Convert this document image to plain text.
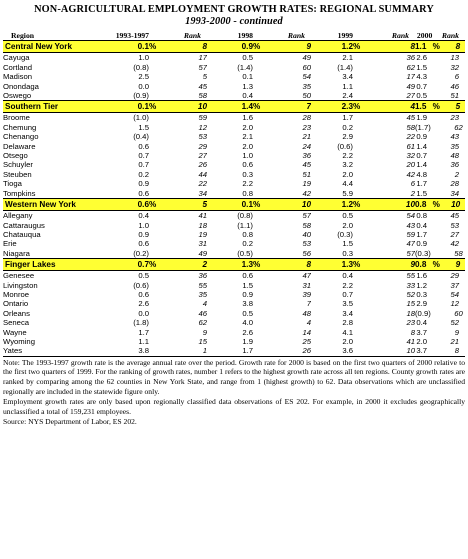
NON-AGRICULTURAL EMPLOYMENT GROWTH RATES: REGIONAL SUMMARY
1993-2000 - continued
Region	1993-1997		Rank	1998		Rank	1999		Rank	2000 Rank
Central New York	0.1	%	8	0.9	%	9	1.2	%	8	1.1 % 8
Cayuga	1.0		17	0.5		49	2.1		36	2.6 13
Cortland	(0.8)		57	(1.4)		60	(1.4)		62	1.5 32
Madison	2.5		5	0.1		54	3.4		17	4.3 6
Onondaga	0.0		45	1.3		35	1.1		49	0.7 46
Oswego	(0.9)		58	0.4		50	2.4		27	0.5 51
Southern Tier	0.1	%	10	1.4	%	7	2.3	%	4	1.5 % 5
Broome	(1.0)		59	1.6		28	1.7		45	1.9 23
Chemung	1.5		12	2.0		23	0.2		58	(1.7) 62
Chenango	(0.4)		53	2.1		21	2.9		22	0.9 43
Delaware	0.6		29	2.0		24	(0.6)		61	1.4 35
Otsego	0.7		27	1.0		36	2.2		32	0.7 48
Schuyler	0.7		26	0.6		45	3.2		20	1.4 36
Steuben	0.2		44	0.3		51	2.0		42	4.8 2
Tioga	0.9		22	2.2		19	4.4		6	1.7 28
Tompkins	0.6		34	0.8		42	5.9		2	1.5 34
Western New York	0.6	%	5	0.1	%	10	1.2	%	10	0.8 % 10
Allegany	0.4		41	(0.8)		57	0.5		54	0.8 45
Cattaraugus	1.0		18	(1.1)		58	2.0		43	0.4 53
Chatauqua	0.9		19	0.8		40	(0.3)		59	1.7 27
Erie	0.6		31	0.2		53	1.5		47	0.9 42
Niagara	(0.2)		49	(0.5)		56	0.3		57	(0.3) 58
Finger Lakes	0.7	%	2	1.3	%	8	1.3	%	9	0.8 % 9
Genesee	0.5		36	0.6		47	0.4		55	1.6 29
Livingston	(0.6)		55	1.5		31	2.2		33	1.2 37
Monroe	0.6		35	0.9		39	0.7		52	0.3 54
Ontario	2.6		4	3.8		7	3.5		15	2.9 12
Orleans	0.0		46	0.5		48	3.4		18	(0.9) 60
Seneca	(1.8)		62	4.0		4	2.8		23	0.4 52
Wayne	1.7		9	2.6		14	4.1		8	3.7 9
Wyoming	1.1		15	1.9		25	2.0		41	2.0 21
Yates	3.8		1	1.7		26	3.6		10	3.7 8

Note: The 1993-1997 growth rate is the average annual rate over the period. Growth rate for 2000 is based on the first two quarters of 2000 relative to the first two quarters of 1999. For the ranking of growth rates, number 1 refers to the highest growth rate across all ten regions. County growth rates are ranked by comparing among the 62 counties in New York State, and range from 1 (highest growth) to 62. Data observations which are unclassified regionally are included in the statewide figure only.

Employment growth rates are only based upon regionally classified data observations of ES 202. For example, in 2000 it excludes geographically unclassified a total of 159,231 employees.

Source: NYS Department of Labor, ES 202.
